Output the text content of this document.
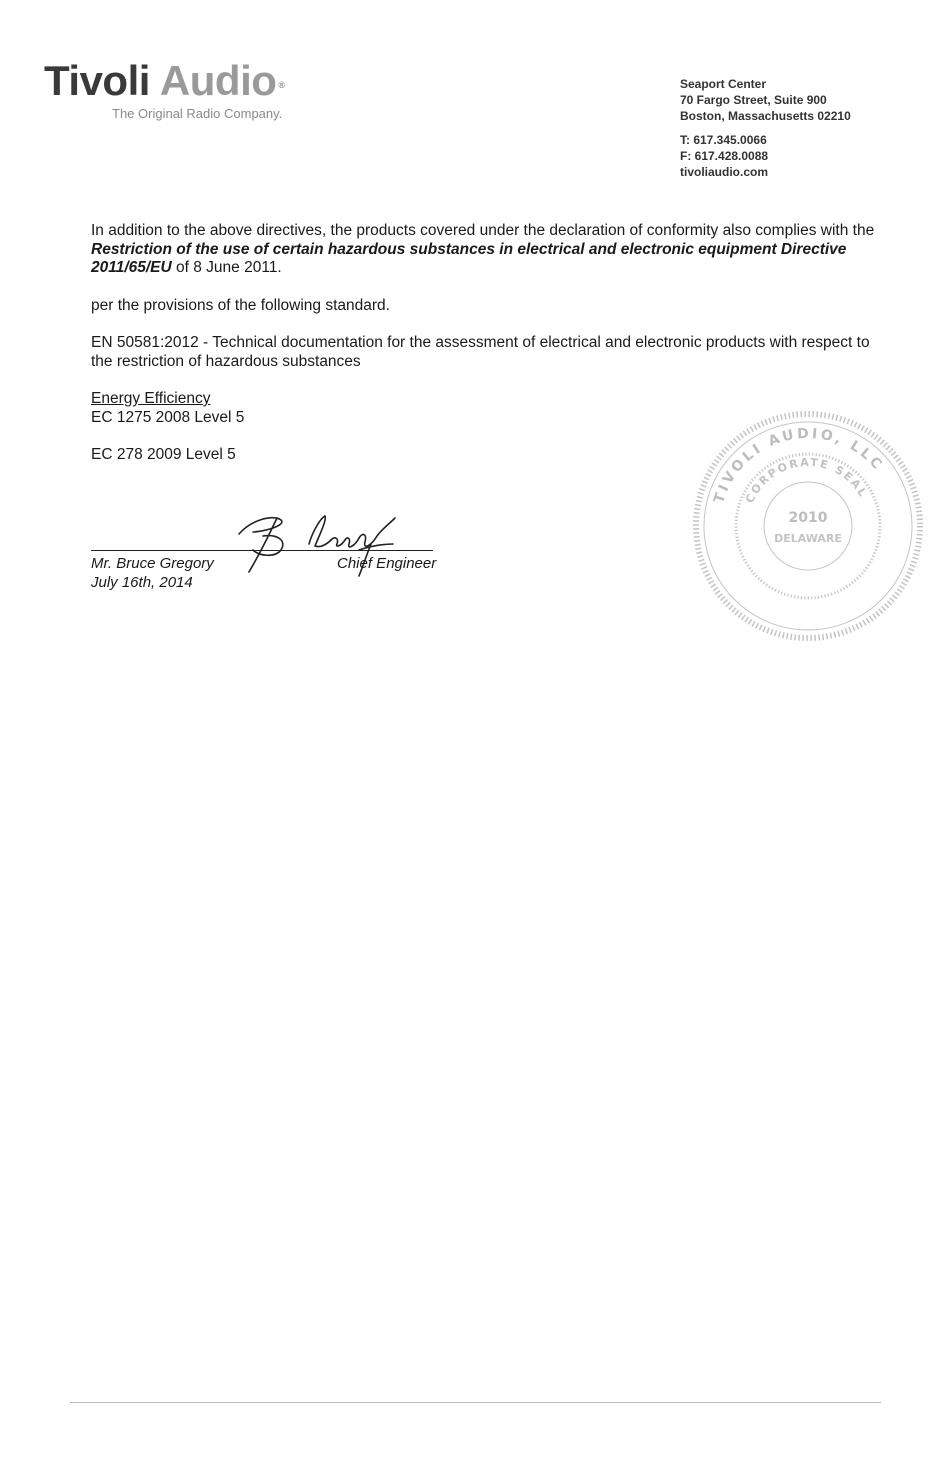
Tivoli Audio ®
The Original Radio Company.
Seaport Center
70 Fargo Street, Suite 900
Boston, Massachusetts 02210
T: 617.345.0066
F: 617.428.0088
tivoliaudio.com

In addition to the above directives, the products covered under the declaration of conformity also complies with the Restriction of the use of certain hazardous substances in electrical and electronic equipment Directive 2011/65/EU of 8 June 2011.

per the provisions of the following standard.

EN 50581:2012 - Technical documentation for the assessment of electrical and electronic products with respect to the restriction of hazardous substances

Energy Efficiency
EC 1275 2008 Level 5

EC 278 2009 Level 5

Mr. Bruce Gregory	Chief Engineer
July 16th, 2014
TIVOLI AUDIO, LLC
CORPORATE SEAL
2010
DELAWARE
